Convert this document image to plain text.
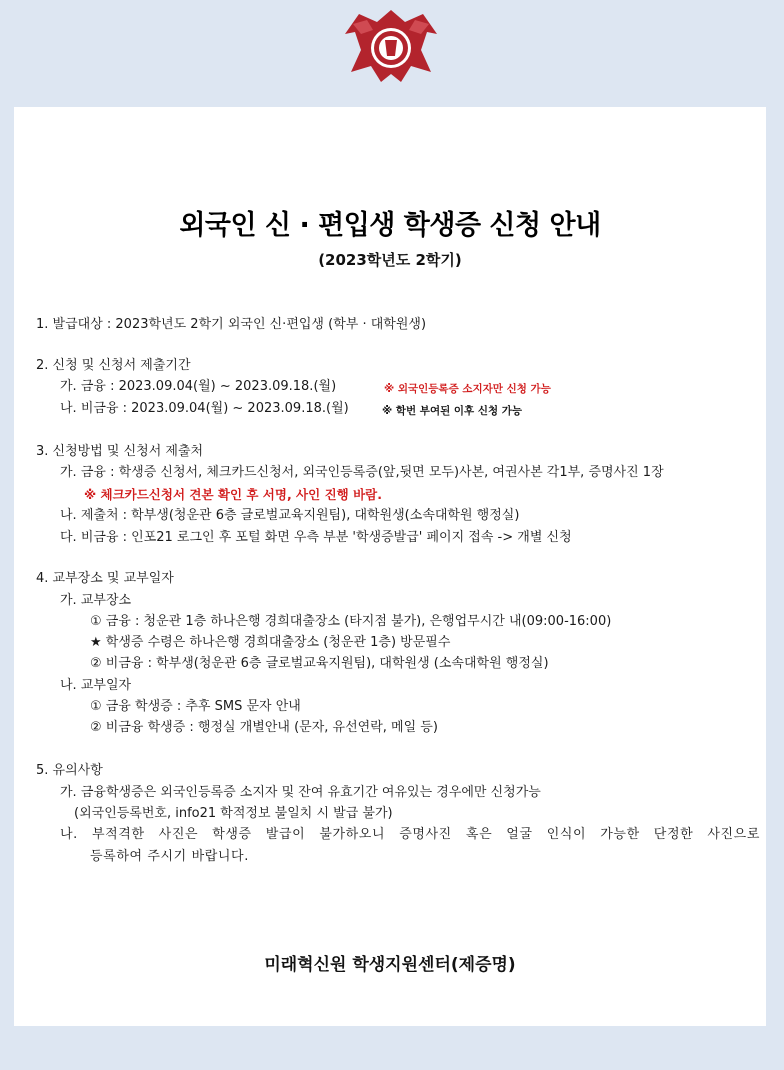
외국인 신 · 편입생 학생증 신청 안내
(2023학년도 2학기)
1. 발급대상 : 2023학년도 2학기 외국인 신·편입생 (학부 · 대학원생)
2. 신청 및 신청서 제출기간
가. 금융 : 2023.09.04(월) ~ 2023.09.18.(월)	※ 외국인등록증 소지자만 신청 가능
나. 비금융 : 2023.09.04(월) ~ 2023.09.18.(월)	※ 학번 부여된 이후 신청 가능
3. 신청방법 및 신청서 제출처
가. 금융 : 학생증 신청서, 체크카드신청서, 외국인등록증(앞,뒷면 모두)사본, 여권사본 각1부, 증명사진 1장
※ 체크카드신청서 견본 확인 후 서명, 사인 진행 바람.
나. 제출처 : 학부생(청운관 6층 글로벌교육지원팀), 대학원생(소속대학원 행정실)
다. 비금융 : 인포21 로그인 후 포털 화면 우측 부분 '학생증발급' 페이지 접속 -> 개별 신청
4. 교부장소 및 교부일자
가. 교부장소
① 금융 : 청운관 1층 하나은행 경희대출장소 (타지점 불가), 은행업무시간 내(09:00-16:00)
★ 학생증 수령은 하나은행 경희대출장소 (청운관 1층) 방문필수
② 비금융 : 학부생(청운관 6층 글로벌교육지원팀), 대학원생 (소속대학원 행정실)
나. 교부일자
① 금융 학생증 : 추후 SMS 문자 안내
② 비금융 학생증 : 행정실 개별안내 (문자, 유선연락, 메일 등)
5. 유의사항
가. 금융학생증은 외국인등록증 소지자 및 잔여 유효기간 여유있는 경우에만 신청가능
(외국인등록번호, info21 학적정보 불일치 시 발급 불가)
나. 부적격한 사진은 학생증 발급이 불가하오니 증명사진 혹은 얼굴 인식이 가능한 단정한 사진으로
등록하여 주시기 바랍니다.
미래혁신원 학생지원센터(제증명)
